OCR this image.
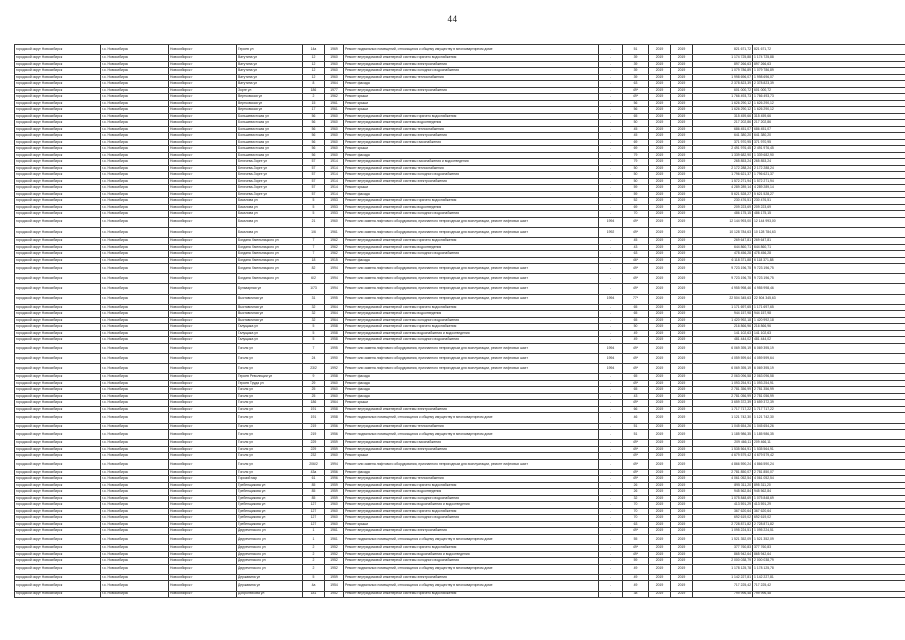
44
городской округ Новосибирск	г.о. Новосибирск	Новосибирск г	Героев ул	14а	1969	Ремонт подвальных помещений, относящихся к общему имуществу в многоквартирном доме	-	51	2019	2019	821 671,72	821 671,72
городской округ Новосибирск	г.о. Новосибирск	Новосибирск г	Ватутина ул	12	1960	Ремонт внутридомовой инженерной системы горячего водоснабжения	-	39	2019	2019	1 174 725,88	1 174 725,88
городской округ Новосибирск	г.о. Новосибирск	Новосибирск г	Ватутина ул	12	1960	Ремонт внутридомовой инженерной системы электроснабжения	-	39	2019	2019	897 266,63	897 266,63
городской округ Новосибирск	г.о. Новосибирск	Новосибирск г	Ватутина ул	12	1960	Ремонт внутридомовой инженерной системы холодного водоснабжения	-	39	2019	2019	1 079 786,89	1 079 786,89
городской округ Новосибирск	г.о. Новосибирск	Новосибирск г	Ватутина ул	12	1960	Ремонт внутридомовой инженерной системы теплоснабжения	-	39	2019	2019	1 998 696,07	1 998 696,07
городской округ Новосибирск	г.о. Новосибирск	Новосибирск г	Ватутина ул	8	1964	Ремонт фасада	-	63	2019	2019	2 378 823,39	2 378 823,39
городской округ Новосибирск	г.о. Новосибирск	Новосибирск г	Зорге ул	186	1977	Ремонт внутридомовой инженерной системы электроснабжения	-	49*	2019	2019	601 000,72	601 000,72
городской округ Новосибирск	г.о. Новосибирск	Новосибирск г	Вертковская ул	2	1962	Ремонт крыши	-	49*	2019	2019	1 766 493,73	1 766 493,73
городской округ Новосибирск	г.о. Новосибирск	Новосибирск г	Вертковская ул	15	1961	Ремонт крыши	-	56	2019	2019	1 626 290,12	1 626 290,12
городской округ Новосибирск	г.о. Новосибирск	Новосибирск г	Вертковская ул	17	1961	Ремонт крыши	-	56	2019	2019	1 626 290,12	1 626 290,12
городской округ Новосибирск	г.о. Новосибирск	Новосибирск г	Большевистская ул	56	1960	Ремонт внутридомовой инженерной системы горячего водоснабжения	-	65	2019	2019	315 459,66	315 459,66
городской округ Новосибирск	г.о. Новосибирск	Новосибирск г	Большевистская ул	56	1960	Ремонт внутридомовой инженерной системы водоотведения	-	50	2019	2019	217 202,86	217 202,86
городской округ Новосибирск	г.о. Новосибирск	Новосибирск г	Большевистская ул	56	1960	Ремонт внутридомовой инженерной системы теплоснабжения	-	45	2019	2019	686 451,07	686 451,07
городской округ Новосибирск	г.о. Новосибирск	Новосибирск г	Большевистская ул	56	1960	Ремонт внутридомовой инженерной системы электроснабжения	-	45	2019	2019	641 380,20	641 380,20
городской округ Новосибирск	г.о. Новосибирск	Новосибирск г	Большевистская ул	56	1960	Ремонт внутридомовой инженерной системы газоснабжения	-	69	2019	2019	371 970,95	371 970,95
городской округ Новосибирск	г.о. Новосибирск	Новосибирск г	Большевистская ул	56	1960	Ремонт крыши	-	69	2019	2019	2 491 976,45	2 491 976,45
городской округ Новосибирск	г.о. Новосибирск	Новосибирск г	Большевистская ул	56	1960	Ремонт фасада	-	79	2019	2019	1 339 682,90	1 339 682,90
городской округ Новосибирск	г.о. Новосибирск	Новосибирск г	Бегичева-Зорге ул	57	1914	Ремонт внутридомовой инженерной системы газоснабжения и водоотведения	-	79	2019	2019	265 853,24	265 853,24
городской округ Новосибирск	г.о. Новосибирск	Новосибирск г	Бегичева-Зорге ул	57	1914	Ремонт внутридомовой инженерной системы теплоснабжения	-	50	2019	2019	2 172 288,24	2 172 288,24
городской округ Новосибирск	г.о. Новосибирск	Новосибирск г	Бегичева-Зорге ул	57	1914	Ремонт внутридомовой инженерной системы холодного водоснабжения	-	50	2019	2019	1 796 621,37	1 796 621,37
городской округ Новосибирск	г.о. Новосибирск	Новосибирск г	Бегичева-Зорге ул	57	1914	Ремонт внутридомовой инженерной системы электроснабжения	-	50	2019	2019	1 572 271,94	1 572 271,94
городской округ Новосибирск	г.о. Новосибирск	Новосибирск г	Бегичева-Зорге ул	57	1914	Ремонт крыши	-	59	2019	2019	4 289 289,14	4 289 289,14
городской округ Новосибирск	г.о. Новосибирск	Новосибирск г	Бегичева-Зорге ул	57	1914	Ремонт фасада	-	59	2019	2019	5 621 528,27	5 621 528,27
городской округ Новосибирск	г.о. Новосибирск	Новосибирск г	Бикалова ул	5	1953	Ремонт внутридомовой инженерной системы горячего водоснабжения	-	52	2019	2019	230 476,51	230 476,51
городской округ Новосибирск	г.о. Новосибирск	Новосибирск г	Бикалова ул	5	1953	Ремонт внутридомовой инженерной системы водоотведения	-	69	2019	2019	209 223,69	209 223,69
городской округ Новосибирск	г.о. Новосибирск	Новосибирск г	Бикалова ул	5	1953	Ремонт внутридомовой инженерной системы холодного водоснабжения	-	70	2019	2019	486 175,15	486 175,15
городской округ Новосибирск	г.о. Новосибирск	Новосибирск г	Бикалова ул	21	1960	Ремонт или замена лифтового оборудования, признанного непригодным для эксплуатации, ремонт лифтовых шахт	1994	49*	2019	2019	12 144 993,00	12 144 993,00
городской округ Новосибирск	г.о. Новосибирск	Новосибирск г	Бикалова ул	1/6	1961	Ремонт или замена лифтового оборудования, признанного непригодным для эксплуатации, ремонт лифтовых шахт	1992	49*	2019	2019	10 128 784,63	10 128 784,63
городской округ Новосибирск	г.о. Новосибирск	Новосибирск г	Богдана Хмельницкого ул	7	1962	Ремонт внутридомовой инженерной системы горячего водоснабжения	-	45	2019	2019	269 647,81	269 647,81
городской округ Новосибирск	г.о. Новосибирск	Новосибирск г	Богдана Хмельницкого ул	7	1962	Ремонт внутридомовой инженерной системы водоотведения	-	43	2019	2019	644 860,71	644 860,71
городской округ Новосибирск	г.о. Новосибирск	Новосибирск г	Богдана Хмельницкого ул	7	1962	Ремонт внутридомовой инженерной системы холодного водоснабжения	-	63	2019	2019	478 456,28	478 456,28
городской округ Новосибирск	г.о. Новосибирск	Новосибирск г	Богдана Хмельницкого ул	18	1915	Ремонт фасада	-	46*	2019	2019	6 118 371,88	6 118 371,88
городской округ Новосибирск	г.о. Новосибирск	Новосибирск г	Богдана Хмельницкого ул	82	1994	Ремонт или замена лифтового оборудования, признанного непригодным для эксплуатации, ремонт лифтовых шахт	-	49*	2019	2019	9 723 196,75	9 723 196,75
городской округ Новосибирск	г.о. Новосибирск	Новосибирск г	Богдана Хмельницкого ул	6/2	1994	Ремонт или замена лифтового оборудования, признанного непригодным для эксплуатации, ремонт лифтовых шахт	-	49*	2019	2019	9 723 196,75	9 723 196,75
городской округ Новосибирск	г.о. Новосибирск	Новосибирск г	Бульварная ул	1/73	1994	Ремонт или замена лифтового оборудования, признанного непригодным для эксплуатации, ремонт лифтовых шахт	-	49*	2019	2019	4 955 998,46	4 955 998,46
городской округ Новосибирск	г.о. Новосибирск	Новосибирск г	Выставочная ул	31	1995	Ремонт или замена лифтового оборудования, признанного непригодным для эксплуатации, ремонт лифтовых шахт	1994	77*	2019	2019	22 504 345,63	22 504 345,63
городской округ Новосибирск	г.о. Новосибирск	Новосибирск г	Выставочная ул	32	1964	Ремонт внутридомовой инженерной системы горячего водоснабжения	-	65	2019	2019	1 171 697,65	1 171 697,65
городской округ Новосибирск	г.о. Новосибирск	Новосибирск г	Выставочная ул	32	1964	Ремонт внутридомовой инженерной системы водоотведения	-	65	2019	2019	944 157,98	944 157,98
городской округ Новосибирск	г.о. Новосибирск	Новосибирск г	Выставочная ул	32	1964	Ремонт внутридомовой инженерной системы холодного водоснабжения	-	65	2019	2019	1 420 992,18	1 420 992,18
городской округ Новосибирск	г.о. Новосибирск	Новосибирск г	Галущака ул	5	1958	Ремонт внутридомовой инженерной системы горячего водоснабжения	-	50	2019	2019	216 866,96	216 866,96
городской округ Новосибирск	г.о. Новосибирск	Новосибирск г	Галущака ул	5	1958	Ремонт внутридомовой инженерной системы водоснабжения и водоотведения	-	49	2019	2019	141 102,63	141 102,63
городской округ Новосибирск	г.о. Новосибирск	Новосибирск г	Галущака ул	5	1958	Ремонт внутридомовой инженерной системы холодного водоснабжения	-	49	2019	2019	481 444,02	481 444,02
городской округ Новосибирск	г.о. Новосибирск	Новосибирск г	Гоголя ул	7	1995	Ремонт или замена лифтового оборудования, признанного непригодным для эксплуатации, ремонт лифтовых шахт	1994	49*	2019	2019	6 069 395,19	6 069 395,19
городской округ Новосибирск	г.о. Новосибирск	Новосибирск г	Гоголя ул	24	1990	Ремонт или замена лифтового оборудования, признанного непригодным для эксплуатации, ремонт лифтовых шахт	1994	49*	2019	2019	4 059 599,64	4 059 599,64
городской округ Новосибирск	г.о. Новосибирск	Новосибирск г	Гоголя ул	23/2	1992	Ремонт или замена лифтового оборудования, признанного непригодным для эксплуатации, ремонт лифтовых шахт	1994	49*	2019	2019	6 069 395,19	6 069 395,19
городской округ Новосибирск	г.о. Новосибирск	Новосибирск г	Героев Революции ул	9	1958	Ремонт фасада	-	65	2019	2019	2 063 096,58	2 063 096,58
городской округ Новосибирск	г.о. Новосибирск	Новосибирск г	Героев Труда ул	29	1960	Ремонт фасада	-	49*	2019	2019	1 093 254,91	1 093 254,91
городской округ Новосибирск	г.о. Новосибирск	Новосибирск г	Гоголя ул	25	1960	Ремонт фасада	-	65	2019	2019	2 781 356,99	2 781 356,99
городской округ Новосибирск	г.о. Новосибирск	Новосибирск г	Гоголя ул	25	1960	Ремонт фасада	-	43	2019	2019	2 781 056,99	2 781 056,99
городской округ Новосибирск	г.о. Новосибирск	Новосибирск г	Гоголя ул	186	1964	Ремонт крыши	-	49*	2019	2019	3 659 372,39	3 659 372,39
городской округ Новосибирск	г.о. Новосибирск	Новосибирск г	Гоголя ул	191	1958	Ремонт внутридомовой инженерной системы электроснабжения	-	66	2019	2019	1 717 717,22	1 717 717,22
городской округ Новосибирск	г.о. Новосибирск	Новосибирск г	Гоголя ул	191	1958	Ремонт подвальных помещений, относящихся к общему имуществу в многоквартирном доме	-	46	2019	2019	1 121 742,30	1 121 742,30
городской округ Новосибирск	г.о. Новосибирск	Новосибирск г	Гоголя ул	219	1956	Ремонт внутридомовой инженерной системы теплоснабжения	-	51	2019	2019	1 045 654,26	1 045 654,26
городской округ Новосибирск	г.о. Новосибирск	Новосибирск г	Гоголя ул	219	1956	Ремонт подвальных помещений, относящихся к общему имуществу в многоквартирном доме	-	51	2019	2019	1 185 986,35	1 185 986,35
городской округ Новосибирск	г.о. Новосибирск	Новосибирск г	Гоголя ул	229	1959	Ремонт внутридомовой инженерной системы газоснабжения	-	49*	2019	2019	209 466,11	209 466,11
городской округ Новосибирск	г.о. Новосибирск	Новосибирск г	Гоголя ул	229	1959	Ремонт внутридомовой инженерной системы электроснабжения	-	49*	2019	2019	1 535 564,91	1 535 564,91
городской округ Новосибирск	г.о. Новосибирск	Новосибирск г	Гоголя ул	232	1960	Ремонт крыши	-	49*	2019	2019	4 679 579,42	4 679 579,42
городской округ Новосибирск	г.о. Новосибирск	Новосибирск г	Гоголя ул	206/2	1994	Ремонт или замена лифтового оборудования, признанного непригодным для эксплуатации, ремонт лифтовых шахт	-	49*	2019	2019	4 866 590,24	4 866 590,24
городской округ Новосибирск	г.о. Новосибирск	Новосибирск г	Гоголя ул	43а	1956	Ремонт фасада	-	49*	2019	2019	2 781 850,07	2 781 850,07
городской округ Новосибирск	г.о. Новосибирск	Новосибирск г	Горский мкр	61	1996	Ремонт внутридомовой инженерной системы теплоснабжения	-	49*	2019	2019	4 061 052,54	4 061 052,54
городской округ Новосибирск	г.о. Новосибирск	Новосибирск г	Гребенщикова ул	85	1959	Ремонт внутридомовой инженерной системы горячего водоснабжения	-	26	2019	2019	895 311,20	895 311,20
городской округ Новосибирск	г.о. Новосибирск	Новосибирск г	Гребенщикова ул	85	1959	Ремонт внутридомовой инженерной системы водоотведения	-	26	2019	2019	945 562,84	945 562,84
городской округ Новосибирск	г.о. Новосибирск	Новосибирск г	Гребенщикова ул	85	1959	Ремонт внутридомовой инженерной системы холодного водоснабжения	-	32	2019	2019	1 075 848,69	1 075 848,69
городской округ Новосибирск	г.о. Новосибирск	Новосибирск г	Гребенщикова ул	127	1960	Ремонт внутридомовой инженерной системы водоснабжения и водоотведения	-	70	2019	2019	413 591,29	413 591,29
городской округ Новосибирск	г.о. Новосибирск	Новосибирск г	Гребенщикова ул	127	1960	Ремонт внутридомовой инженерной системы горячего водоснабжения	-	70	2019	2019	367 620,64	367 620,64
городской округ Новосибирск	г.о. Новосибирск	Новосибирск г	Гребенщикова ул	127	1960	Ремонт внутридомовой инженерной системы холодного водоснабжения	-	70	2019	2019	692 619,02	692 619,02
городской округ Новосибирск	г.о. Новосибирск	Новосибирск г	Гребенщикова ул	127	1960	Ремонт крыши	-	63	2019	2019	2 728 871,82	2 728 871,82
городской округ Новосибирск	г.о. Новосибирск	Новосибирск г	Двуреченского ул	1	1961	Ремонт внутридомовой инженерной системы электроснабжения	-	49*	2019	2019	1 095 224,51	1 095 224,51
городской округ Новосибирск	г.о. Новосибирск	Новосибирск г	Двуреченского ул	1	1961	Ремонт подвальных помещений, относящихся к общему имуществу в многоквартирном доме	-	55	2019	2019	1 521 352,09	1 521 352,09
городской округ Новосибирск	г.о. Новосибирск	Новосибирск г	Двуреченского ул	2	1952	Ремонт внутридомовой инженерной системы горячего водоснабжения	-	49*	2019	2019	377 760,83	377 760,83
городской округ Новосибирск	г.о. Новосибирск	Новосибирск г	Двуреченского ул	2	1952	Ремонт внутридомовой инженерной системы водоснабжения и водоотведения	-	49*	2019	2019	865 942,64	865 942,64
городской округ Новосибирск	г.о. Новосибирск	Новосибирск г	Двуреченского ул	2	1952	Ремонт внутридомовой инженерной системы холодного водоснабжения	-	59	2019	2019	2 000 038,79	2 000 038,79
городской округ Новосибирск	г.о. Новосибирск	Новосибирск г	Двуреченского ул	2	1952	Ремонт подвальных помещений, относящихся к общему имуществу в многоквартирном доме	-	49	2019	2019	1 178 125,78	1 178 125,78
городской округ Новосибирск	г.о. Новосибирск	Новосибирск г	Державина ул	5	1959	Ремонт внутридомовой инженерной системы электроснабжения	-	49	2019	2019	1 142 227,81	1 142 227,81
городской округ Новосибирск	г.о. Новосибирск	Новосибирск г	Державина ул	4а	1954	Ремонт подвальных помещений, относящихся к общему имуществу в многоквартирном доме	-	49	2019	2019	717 225,42	717 225,42
городской округ Новосибирск	г.о. Новосибирск	Новосибирск г	Добролюбова ул	181	1952	Ремонт внутридомовой инженерной системы горячего водоснабжения	-	38	2019	2019	799 996,48	799 996,48
